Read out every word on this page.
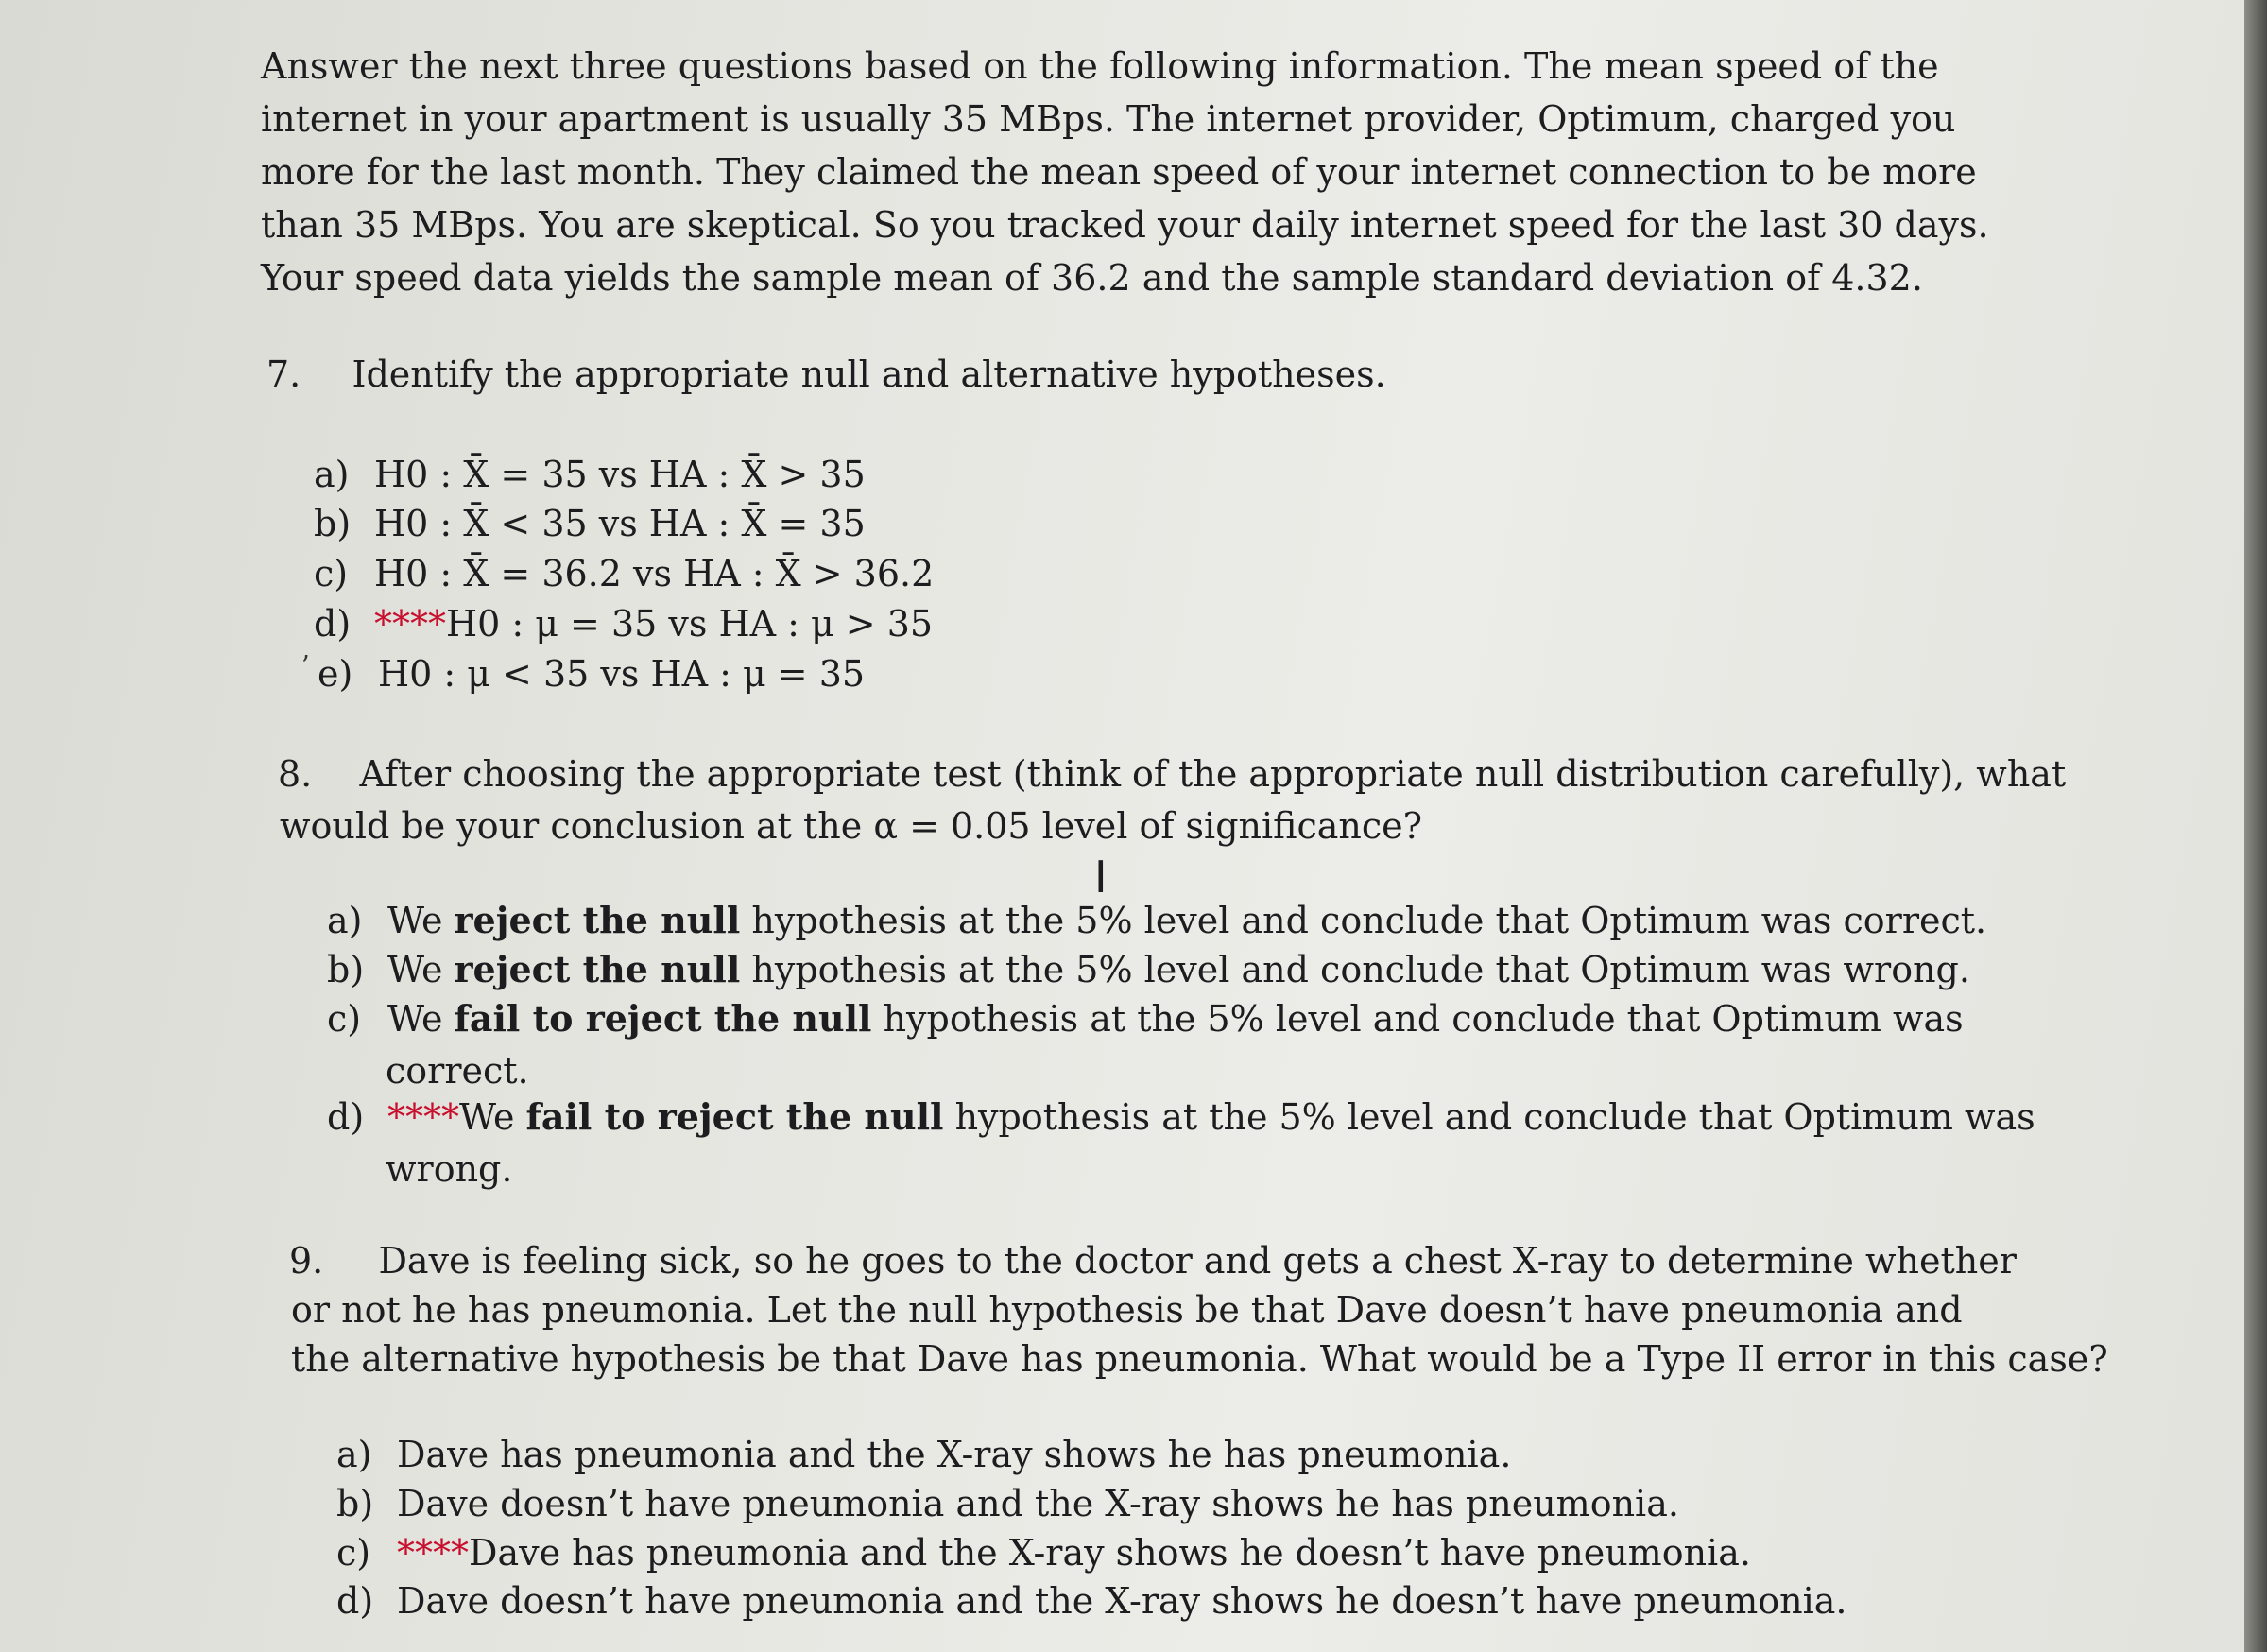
Answer the next three questions based on the following information. The mean speed of the
internet in your apartment is usually 35 MBps. The internet provider, Optimum, charged you
more for the last month. They claimed the mean speed of your internet connection to be more
than 35 MBps. You are skeptical. So you tracked your daily internet speed for the last 30 days.
Your speed data yields the sample mean of 36.2 and the sample standard deviation of 4.32.
7. Identify the appropriate null and alternative hypotheses.
a) H0 : X̄ = 35 vs HA : X̄ > 35
b) H0 : X̄ < 35 vs HA : X̄ = 35
c) H0 : X̄ = 36.2 vs HA : X̄ > 36.2
d) ****H0 : μ = 35 vs HA : μ > 35
e) H0 : μ < 35 vs HA : μ = 35
ʼ
8. After choosing the appropriate test (think of the appropriate null distribution carefully), what
would be your conclusion at the α = 0.05 level of significance?
a) We reject the null hypothesis at the 5% level and conclude that Optimum was correct.
b) We reject the null hypothesis at the 5% level and conclude that Optimum was wrong.
c) We fail to reject the null hypothesis at the 5% level and conclude that Optimum was
correct.
d) ****We fail to reject the null hypothesis at the 5% level and conclude that Optimum was
wrong.
9. Dave is feeling sick, so he goes to the doctor and gets a chest X-ray to determine whether
or not he has pneumonia. Let the null hypothesis be that Dave doesn’t have pneumonia and
the alternative hypothesis be that Dave has pneumonia. What would be a Type II error in this case?
a) Dave has pneumonia and the X-ray shows he has pneumonia.
b) Dave doesn’t have pneumonia and the X-ray shows he has pneumonia.
c) ****Dave has pneumonia and the X-ray shows he doesn’t have pneumonia.
d) Dave doesn’t have pneumonia and the X-ray shows he doesn’t have pneumonia.
I
